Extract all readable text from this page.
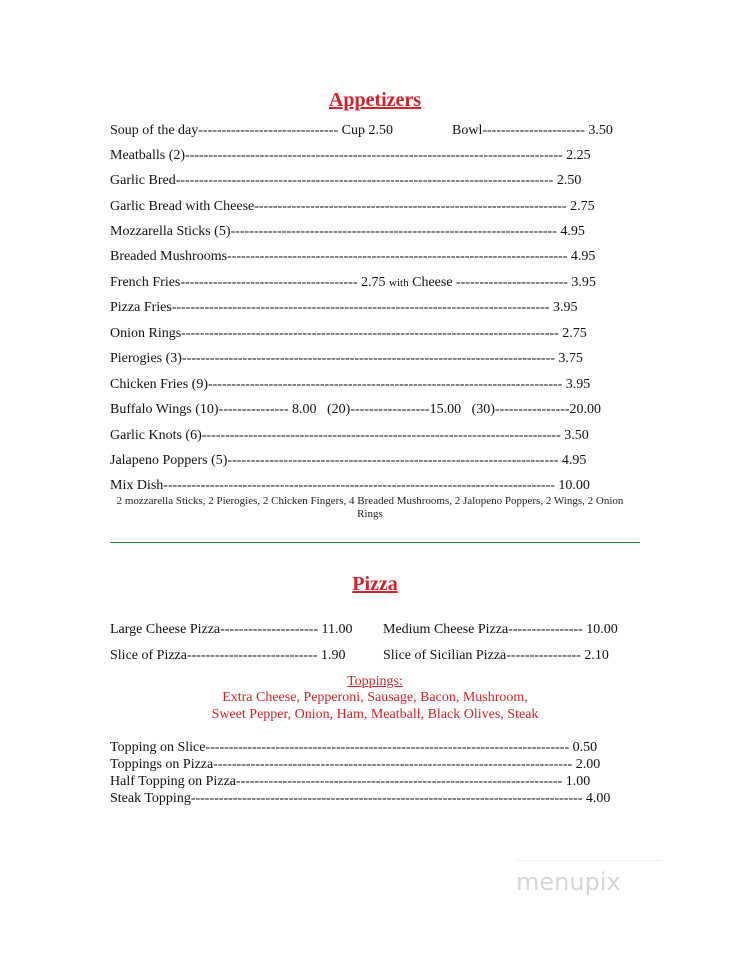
Appetizers
Soup of the day------------------------------ Cup 2.50	Bowl---------------------- 3.50
Meatballs (2)--------------------------------------------------------------------------------- 2.25
Garlic Bred--------------------------------------------------------------------------------- 2.50
Garlic Bread with Cheese------------------------------------------------------------------- 2.75
Mozzarella Sticks (5)---------------------------------------------------------------------- 4.95
Breaded Mushrooms------------------------------------------------------------------------- 4.95
French Fries-------------------------------------- 2.75 with Cheese ------------------------ 3.95
Pizza Fries--------------------------------------------------------------------------------- 3.95
Onion Rings--------------------------------------------------------------------------------- 2.75
Pierogies (3)-------------------------------------------------------------------------------- 3.75
Chicken Fries (9)---------------------------------------------------------------------------- 3.95
Buffalo Wings (10)--------------- 8.00   (20)-----------------15.00   (30)----------------20.00
Garlic Knots (6)----------------------------------------------------------------------------- 3.50
Jalapeno Poppers (5)----------------------------------------------------------------------- 4.95
Mix Dish------------------------------------------------------------------------------------ 10.00
2 mozzarella Sticks, 2 Pierogies, 2 Chicken Fingers, 4 Breaded Mushrooms, 2 Jalopeno Poppers, 2 Wings, 2 Onion Rings
Pizza
Large Cheese Pizza--------------------- 11.00 Medium Cheese Pizza---------------- 10.00
Slice of Pizza---------------------------- 1.90	Slice of Sicilian Pizza---------------- 2.10
Toppings:
Extra Cheese, Pepperoni, Sausage, Bacon, Mushroom,
Sweet Pepper, Onion, Ham, Meatball, Black Olives, Steak
Topping on Slice------------------------------------------------------------------------------ 0.50
Toppings on Pizza----------------------------------------------------------------------------- 2.00
Half Topping on Pizza---------------------------------------------------------------------- 1.00
Steak Topping------------------------------------------------------------------------------------ 4.00
menupix
